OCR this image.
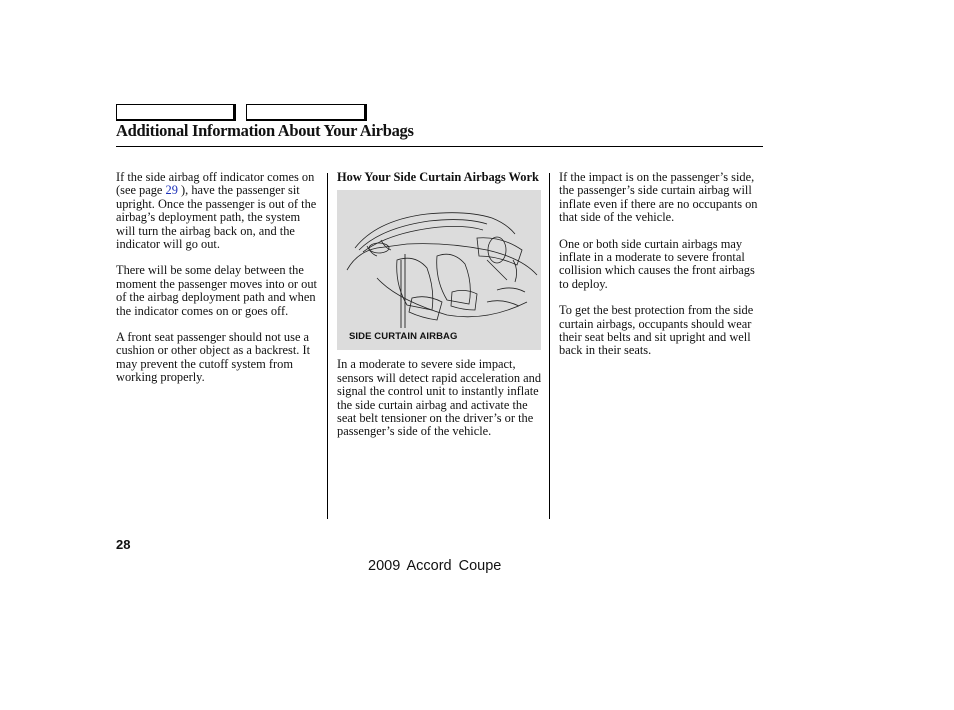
Additional Information About Your Airbags

If the side airbag off indicator comes on (see page 29 ), have the passenger sit upright. Once the passenger is out of the airbag’s deployment path, the system will turn the airbag back on, and the indicator will go out.

There will be some delay between the moment the passenger moves into or out of the airbag deployment path and when the indicator comes on or goes off.

A front seat passenger should not use a cushion or other object as a backrest. It may prevent the cutoff system from working properly.

How Your Side Curtain Airbags Work
SIDE CURTAIN AIRBAG

In a moderate to severe side impact, sensors will detect rapid acceleration and signal the control unit to instantly inflate the side curtain airbag and activate the seat belt tensioner on the driver’s or the passenger’s side of the vehicle.

If the impact is on the passenger’s side, the passenger’s side curtain airbag will inflate even if there are no occupants on that side of the vehicle.

One or both side curtain airbags may inflate in a moderate to severe frontal collision which causes the front airbags to deploy.

To get the best protection from the side curtain airbags, occupants should wear their seat belts and sit upright and well back in their seats.

28
2009 Accord Coupe
